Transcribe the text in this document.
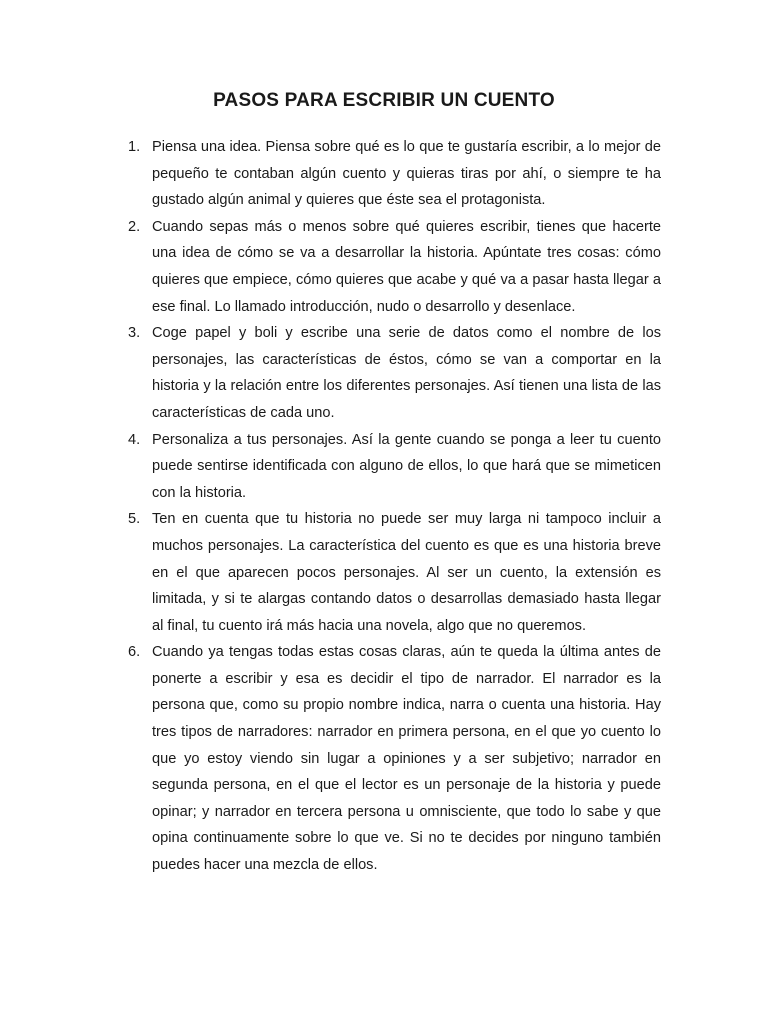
PASOS PARA ESCRIBIR UN CUENTO
1. Piensa una idea. Piensa sobre qué es lo que te gustaría escribir, a lo mejor de pequeño te contaban algún cuento y quieras tiras por ahí, o siempre te ha gustado algún animal y quieres que éste sea el protagonista.
2. Cuando sepas más o menos sobre qué quieres escribir, tienes que hacerte una idea de cómo se va a desarrollar la historia. Apúntate tres cosas: cómo quieres que empiece, cómo quieres que acabe y qué va a pasar hasta llegar a ese final. Lo llamado introducción, nudo o desarrollo y desenlace.
3. Coge papel y boli y escribe una serie de datos como el nombre de los personajes, las características de éstos, cómo se van a comportar en la historia y la relación entre los diferentes personajes. Así tienen una lista de las características de cada uno.
4. Personaliza a tus personajes. Así la gente cuando se ponga a leer tu cuento puede sentirse identificada con alguno de ellos, lo que hará que se mimeticen con la historia.
5. Ten en cuenta que tu historia no puede ser muy larga ni tampoco incluir a muchos personajes. La característica del cuento es que es una historia breve en el que aparecen pocos personajes. Al ser un cuento, la extensión es limitada, y si te alargas contando datos o desarrollas demasiado hasta llegar al final, tu cuento irá más hacia una novela, algo que no queremos.
6. Cuando ya tengas todas estas cosas claras, aún te queda la última antes de ponerte a escribir y esa es decidir el tipo de narrador. El narrador es la persona que, como su propio nombre indica, narra o cuenta una historia. Hay tres tipos de narradores: narrador en primera persona, en el que yo cuento lo que yo estoy viendo sin lugar a opiniones y a ser subjetivo; narrador en segunda persona, en el que el lector es un personaje de la historia y puede opinar; y narrador en tercera persona u omnisciente, que todo lo sabe y que opina continuamente sobre lo que ve. Si no te decides por ninguno también puedes hacer una mezcla de ellos.
